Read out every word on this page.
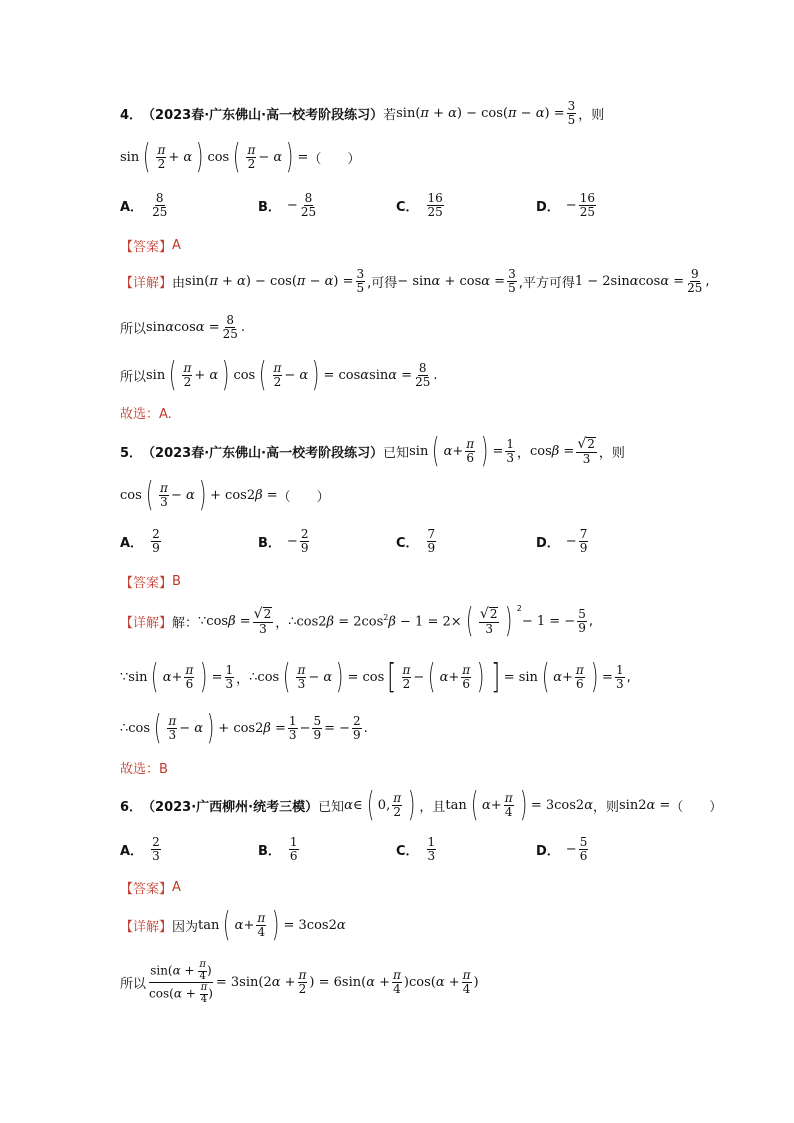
4． （2023春·广东佛山·高一校考阶段练习） 若 $\sin(\pi + \alpha) - \cos(\pi - \alpha) = \frac{3}{5}$ ，则
sin ( $\frac{\pi}{2} + \alpha$ ) cos ( $\frac{\pi}{2} - \alpha$ ) = （　　）
A． $\frac{8}{25}$	B． − $\frac{8}{25}$	C． $\frac{16}{25}$	D． − $\frac{16}{25}$
【答案】 A
【详解】 由 $\sin(\pi + \alpha) - \cos(\pi - \alpha) = \frac{3}{5}$ ,可得 − $\sin\alpha + \cos\alpha = \frac{3}{5}$ ,平方可得 $1 - 2\sin\alpha\cos\alpha = \frac{9}{25}$ ,
所以 $\sin\alpha\cos\alpha = \frac{8}{25}$ .
所以 sin ( $\frac{\pi}{2} + \alpha$ ) cos ( $\frac{\pi}{2} - \alpha$ ) = $\cos\alpha\sin\alpha = \frac{8}{25}$ .
故选：A.
5． （2023春·广东佛山·高一校考阶段练习） 已知 sin ( $\alpha + \frac{\pi}{6}$ ) = $\frac{1}{3}$ ， $\cos\beta = \frac{√ 2}{3}$ ，则
cos ( $\frac{\pi}{3} - \alpha$ ) + cos2β = （　　）
A． $\frac{2}{9}$	B． − $\frac{2}{9}$	C． $\frac{7}{9}$	D． − $\frac{7}{9}$
【答案】 B
【详解】 解： ∵cosβ = $\frac{√ 2}{3}$ ， ∴cos2β = $2\cos^2\beta - 1 = 2\times$ ( $\frac{√ 2}{3}$ ) $^2$
− 1 = − $\frac{5}{9}$ ,
∵sin ( $\alpha + \frac{\pi}{6}$ ) = $\frac{1}{3}$ ， ∴cos ( $\frac{\pi}{3} - \alpha$ ) = cos [ $\frac{\pi}{2}$ − ( $\alpha + \frac{\pi}{6}$ ) ] = sin ( $\alpha + \frac{\pi}{6}$ ) = $\frac{1}{3}$ ,
∴cos ( $\frac{\pi}{3} - \alpha$ ) + $\cos 2\beta = \frac{1}{3} - \frac{5}{9}$ = − $\frac{2}{9}$ .
故选：B
6． （2023·广西柳州·统考三模） 已知 α ∈ ( 0, $\frac{\pi}{2}$ ) ，且 tan ( $\alpha + \frac{\pi}{4}$ ) = 3cos2α ，则 sin2α = （　　）
A． $\frac{2}{3}$	B． $\frac{1}{6}$	C． $\frac{1}{3}$	D． − $\frac{5}{6}$
【答案】 A
【详解】 因为 tan ( $\alpha + \frac{\pi}{4}$ ) = 3cos2α
所以 $\frac{\sin(\alpha + \frac{\pi}{4} )}{\cos(\alpha + \frac{\pi}{4} )} = 3\sin(2\alpha + \frac{\pi}{2}$ ) = $6\sin(\alpha + \frac{\pi}{4} )\cos(\alpha + \frac{\pi}{4}$ )
